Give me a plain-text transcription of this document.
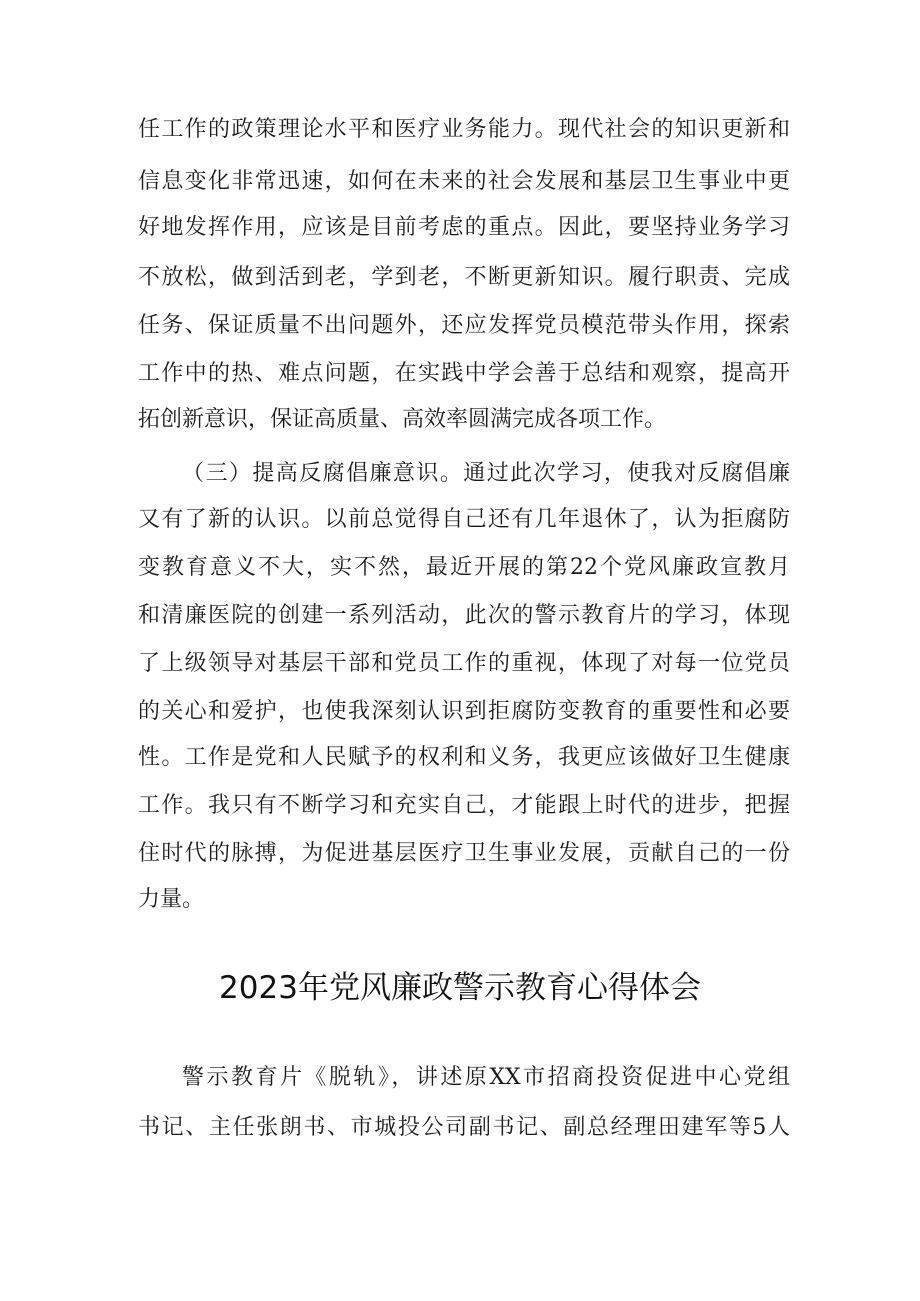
任工作的政策理论水平和医疗业务能力。现代社会的知识更新和
信息变化非常迅速，如何在未来的社会发展和基层卫生事业中更
好地发挥作用，应该是目前考虑的重点。因此，要坚持业务学习
不放松，做到活到老，学到老，不断更新知识。履行职责、完成
任务、保证质量不出问题外，还应发挥党员模范带头作用，探索
工作中的热、难点问题，在实践中学会善于总结和观察，提高开
拓创新意识，保证高质量、高效率圆满完成各项工作。
（三）提高反腐倡廉意识。通过此次学习，使我对反腐倡廉
又有了新的认识。以前总觉得自己还有几年退休了，认为拒腐防
变教育意义不大，实不然，最近开展的第22个党风廉政宣教月
和清廉医院的创建一系列活动，此次的警示教育片的学习，体现
了上级领导对基层干部和党员工作的重视，体现了对每一位党员
的关心和爱护，也使我深刻认识到拒腐防变教育的重要性和必要
性。工作是党和人民赋予的权利和义务，我更应该做好卫生健康
工作。我只有不断学习和充实自己，才能跟上时代的进步，把握
住时代的脉搏，为促进基层医疗卫生事业发展，贡献自己的一份
力量。
2023年党风廉政警示教育心得体会
警示教育片《脱轨》，讲述原XX市招商投资促进中心党组
书记、主任张朗书、市城投公司副书记、副总经理田建军等5人
